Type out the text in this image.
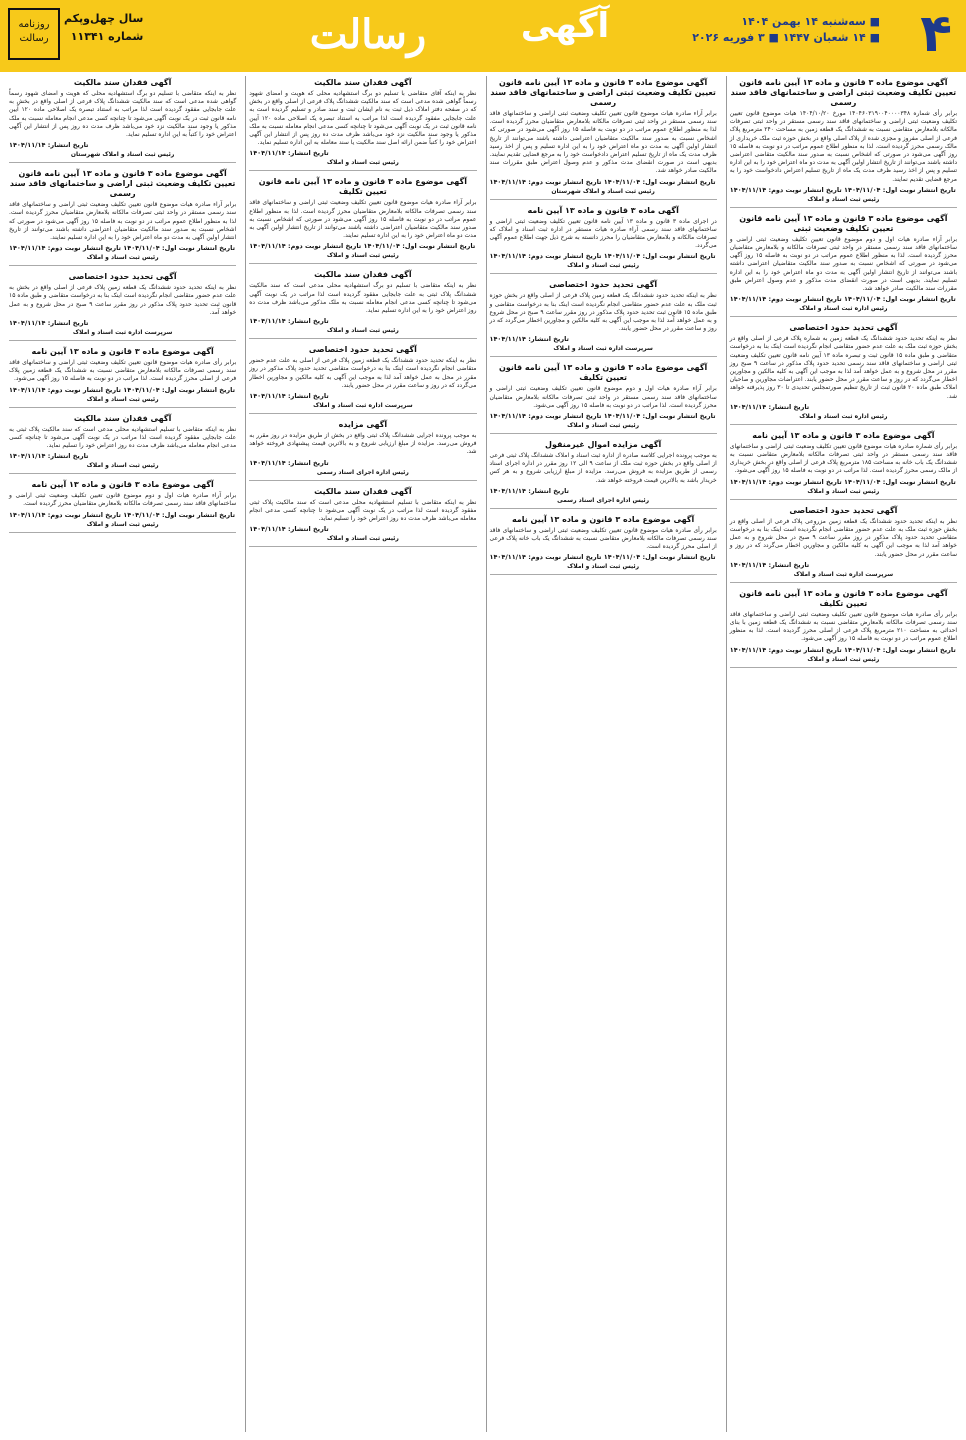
۴
■ سه‌شنبه ۱۴ بهمن ۱۴۰۴
■ ۱۴ شعبان ۱۴۴۷ ■ ۳ فوریه ۲۰۲۶
آگهی
رسالت
سال چهل‌وپکم
شماره ۱۱۳۴۱
روزنامه رسالت
آگهی موضوع ماده ۳ قانون و ماده ۱۳ آیین نامه قانون تعیین تکلیف وضعیت ثبتی اراضی و ساختمانهای فاقد سند رسمی

برابر رأی شماره ۱۴۰۴۶۰۳۱۹۰۰۴۰۰۰۰۳۴۸ مورخ ۱۴۰۴/۱۰/۲۰ هیات موضوع قانون تعیین تکلیف وضعیت ثبتی اراضی و ساختمانهای فاقد سند رسمی مستقر در واحد ثبتی تصرفات مالکانه بلامعارض متقاضی نسبت به ششدانگ یک قطعه زمین به مساحت ۲۴۰ مترمربع پلاک فرعی از اصلی مفروز و مجزی شده از پلاک اصلی واقع در بخش حوزه ثبت ملک خریداری از مالک رسمی محرز گردیده است. لذا به منظور اطلاع عموم مراتب در دو نوبت به فاصله ۱۵ روز آگهی می‌شود در صورتی که اشخاص نسبت به صدور سند مالکیت متقاضی اعتراضی داشته باشند می‌توانند از تاریخ انتشار اولین آگهی به مدت دو ماه اعتراض خود را به این اداره تسلیم و پس از اخذ رسید ظرف مدت یک ماه از تاریخ تسلیم اعتراض دادخواست خود را به مرجع قضایی تقدیم نمایند.

تاریخ انتشار نوبت اول: ۱۴۰۴/۱۱/۰۴ تاریخ انتشار نوبت دوم: ۱۴۰۴/۱۱/۱۴
رئیس ثبت اسناد و املاک
آگهی موضوع ماده ۳ قانون و ماده ۱۳ آیین نامه قانون تعیین تکلیف وضعیت ثبتی

برابر آراء صادره هیات اول و دوم موضوع قانون تعیین تکلیف وضعیت ثبتی اراضی و ساختمانهای فاقد سند رسمی مستقر در واحد ثبتی تصرفات مالکانه و بلامعارض متقاضیان محرز گردیده است. لذا به منظور اطلاع عموم مراتب در دو نوبت به فاصله ۱۵ روز آگهی می‌شود در صورتی که اشخاص نسبت به صدور سند مالکیت متقاضیان اعتراضی داشته باشند می‌توانند از تاریخ انتشار اولین آگهی به مدت دو ماه اعتراض خود را به این اداره تسلیم نمایند. بدیهی است در صورت انقضای مدت مذکور و عدم وصول اعتراض طبق مقررات سند مالکیت صادر خواهد شد.

تاریخ انتشار نوبت اول: ۱۴۰۴/۱۱/۰۴ تاریخ انتشار نوبت دوم: ۱۴۰۴/۱۱/۱۴
رئیس اداره ثبت اسناد و املاک
آگهی تحدید حدود اختصاصی

نظر به اینکه تحدید حدود ششدانگ یک قطعه زمین به شماره پلاک فرعی از اصلی واقع در بخش حوزه ثبت ملک به علت عدم حضور متقاضی انجام نگردیده است اینک بنا به درخواست متقاضی و طبق ماده ۱۵ قانون ثبت و تبصره ماده ۱۳ آیین نامه قانون تعیین تکلیف وضعیت ثبتی اراضی و ساختمانهای فاقد سند رسمی تحدید حدود پلاک مذکور در ساعت ۹ صبح روز مقرر در محل شروع و به عمل خواهد آمد لذا به موجب این آگهی به کلیه مالکین و مجاورین اخطار می‌گردد که در روز و ساعت مقرر در محل حضور یابند. اعتراضات مجاورین و صاحبان املاک طبق ماده ۲۰ قانون ثبت از تاریخ تنظیم صورتمجلس تحدیدی تا ۳۰ روز پذیرفته خواهد شد.

تاریخ انتشار: ۱۴۰۴/۱۱/۱۴
رئیس اداره ثبت اسناد و املاک
آگهی موضوع ماده ۳ قانون و ماده ۱۳ آیین نامه

برابر رأی شماره صادره هیات موضوع قانون تعیین تکلیف وضعیت ثبتی اراضی و ساختمانهای فاقد سند رسمی مستقر در واحد ثبتی تصرفات مالکانه بلامعارض متقاضی نسبت به ششدانگ یک باب خانه به مساحت ۱۸۵ مترمربع پلاک فرعی از اصلی واقع در بخش خریداری از مالک رسمی محرز گردیده است. لذا مراتب در دو نوبت به فاصله ۱۵ روز آگهی می‌شود.

تاریخ انتشار نوبت اول: ۱۴۰۴/۱۱/۰۴ تاریخ انتشار نوبت دوم: ۱۴۰۴/۱۱/۱۴
رئیس ثبت اسناد و املاک
آگهی تحدید حدود اختصاصی

نظر به اینکه تحدید حدود ششدانگ یک قطعه زمین مزروعی پلاک فرعی از اصلی واقع در بخش حوزه ثبت ملک به علت عدم حضور متقاضی انجام نگردیده است اینک بنا به درخواست متقاضی تحدید حدود پلاک مذکور در روز مقرر ساعت ۹ صبح در محل شروع و به عمل خواهد آمد لذا به موجب این آگهی به کلیه مالکین و مجاورین اخطار می‌گردد که در روز و ساعت مقرر در محل حضور یابند.

تاریخ انتشار: ۱۴۰۴/۱۱/۱۴
سرپرست اداره ثبت اسناد و املاک
آگهی موضوع ماده ۳ قانون و ماده ۱۳ آیین نامه قانون تعیین تکلیف

برابر رأی صادره هیات موضوع قانون تعیین تکلیف وضعیت ثبتی اراضی و ساختمانهای فاقد سند رسمی تصرفات مالکانه بلامعارض متقاضی نسبت به ششدانگ یک قطعه زمین با بنای احداثی به مساحت ۲۱۰ مترمربع پلاک فرعی از اصلی محرز گردیده است. لذا به منظور اطلاع عموم مراتب در دو نوبت به فاصله ۱۵ روز آگهی می‌شود.

تاریخ انتشار نوبت اول: ۱۴۰۴/۱۱/۰۴ تاریخ انتشار نوبت دوم: ۱۴۰۴/۱۱/۱۴
رئیس ثبت اسناد و املاک
آگهی موضوع ماده ۳ قانون و ماده ۱۳ آیین نامه قانون تعیین تکلیف وضعیت ثبتی اراضی و ساختمانهای فاقد سند رسمی

برابر آراء صادره هیات موضوع قانون تعیین تکلیف وضعیت ثبتی اراضی و ساختمانهای فاقد سند رسمی مستقر در واحد ثبتی تصرفات مالکانه بلامعارض متقاضیان محرز گردیده است. لذا به منظور اطلاع عموم مراتب در دو نوبت به فاصله ۱۵ روز آگهی می‌شود در صورتی که اشخاص نسبت به صدور سند مالکیت متقاضیان اعتراضی داشته باشند می‌توانند از تاریخ انتشار اولین آگهی به مدت دو ماه اعتراض خود را به این اداره تسلیم و پس از اخذ رسید ظرف مدت یک ماه از تاریخ تسلیم اعتراض دادخواست خود را به مرجع قضایی تقدیم نمایند. بدیهی است در صورت انقضای مدت مذکور و عدم وصول اعتراض طبق مقررات سند مالکیت صادر خواهد شد.

تاریخ انتشار نوبت اول: ۱۴۰۴/۱۱/۰۴ تاریخ انتشار نوبت دوم: ۱۴۰۴/۱۱/۱۴
رئیس ثبت اسناد و املاک شهرستان
آگهی ماده ۳ قانون و ماده ۱۳ آیین نامه

در اجرای ماده ۳ قانون و ماده ۱۳ آیین نامه قانون تعیین تکلیف وضعیت ثبتی اراضی و ساختمانهای فاقد سند رسمی آراء صادره هیات مستقر در اداره ثبت اسناد و املاک که تصرفات مالکانه و بلامعارض متقاضیان را محرز دانسته به شرح ذیل جهت اطلاع عموم آگهی می‌گردد.

تاریخ انتشار نوبت اول: ۱۴۰۴/۱۱/۰۴ تاریخ انتشار نوبت دوم: ۱۴۰۴/۱۱/۱۴
رئیس ثبت اسناد و املاک
آگهی تحدید حدود اختصاصی

نظر به اینکه تحدید حدود ششدانگ یک قطعه زمین پلاک فرعی از اصلی واقع در بخش حوزه ثبت ملک به علت عدم حضور متقاضی انجام نگردیده است اینک بنا به درخواست متقاضی و طبق ماده ۱۵ قانون ثبت تحدید حدود پلاک مذکور در روز مقرر ساعت ۹ صبح در محل شروع و به عمل خواهد آمد لذا به موجب این آگهی به کلیه مالکین و مجاورین اخطار می‌گردد که در روز و ساعت مقرر در محل حضور یابند.

تاریخ انتشار: ۱۴۰۴/۱۱/۱۴
سرپرست اداره ثبت اسناد و املاک
آگهی موضوع ماده ۳ قانون و ماده ۱۳ آیین نامه قانون تعیین تکلیف

برابر آراء صادره هیات اول و دوم موضوع قانون تعیین تکلیف وضعیت ثبتی اراضی و ساختمانهای فاقد سند رسمی مستقر در واحد ثبتی تصرفات مالکانه بلامعارض متقاضیان محرز گردیده است. لذا مراتب در دو نوبت به فاصله ۱۵ روز آگهی می‌شود.

تاریخ انتشار نوبت اول: ۱۴۰۴/۱۱/۰۴ تاریخ انتشار نوبت دوم: ۱۴۰۴/۱۱/۱۴
رئیس ثبت اسناد و املاک
آگهی مزایده اموال غیرمنقول

به موجب پرونده اجرایی کلاسه صادره از اداره ثبت اسناد و املاک ششدانگ پلاک ثبتی فرعی از اصلی واقع در بخش حوزه ثبت ملک از ساعت ۹ الی ۱۲ روز مقرر در اداره اجرای اسناد رسمی از طریق مزایده به فروش می‌رسد. مزایده از مبلغ ارزیابی شروع و به هر کس خریدار باشد به بالاترین قیمت فروخته خواهد شد.

تاریخ انتشار: ۱۴۰۴/۱۱/۱۴
رئیس اداره اجرای اسناد رسمی
آگهی موضوع ماده ۳ قانون و ماده ۱۳ آیین نامه

برابر رأی صادره هیات موضوع قانون تعیین تکلیف وضعیت ثبتی اراضی و ساختمانهای فاقد سند رسمی تصرفات مالکانه بلامعارض متقاضی نسبت به ششدانگ یک باب خانه پلاک فرعی از اصلی محرز گردیده است.

تاریخ انتشار نوبت اول: ۱۴۰۴/۱۱/۰۴ تاریخ انتشار نوبت دوم: ۱۴۰۴/۱۱/۱۴
رئیس ثبت اسناد و املاک
آگهی فقدان سند مالکیت

نظر به اینکه آقای متقاضی با تسلیم دو برگ استشهادیه محلی که هویت و امضای شهود رسماً گواهی شده مدعی است که سند مالکیت ششدانگ پلاک فرعی از اصلی واقع در بخش که در صفحه دفتر املاک ذیل ثبت به نام ایشان ثبت و سند صادر و تسلیم گردیده است به علت جابجایی مفقود گردیده است لذا مراتب به استناد تبصره یک اصلاحی ماده ۱۲۰ آیین نامه قانون ثبت در یک نوبت آگهی می‌شود تا چنانچه کسی مدعی انجام معامله نسبت به ملک مذکور یا وجود سند مالکیت نزد خود می‌باشد ظرف مدت ده روز پس از انتشار این آگهی اعتراض خود را کتباً ضمن ارائه اصل سند مالکیت یا سند معامله به این اداره تسلیم نماید.

تاریخ انتشار: ۱۴۰۴/۱۱/۱۴
رئیس ثبت اسناد و املاک
آگهی موضوع ماده ۳ قانون و ماده ۱۳ آیین نامه قانون تعیین تکلیف

برابر آراء صادره هیات موضوع قانون تعیین تکلیف وضعیت ثبتی اراضی و ساختمانهای فاقد سند رسمی تصرفات مالکانه بلامعارض متقاضیان محرز گردیده است. لذا به منظور اطلاع عموم مراتب در دو نوبت به فاصله ۱۵ روز آگهی می‌شود در صورتی که اشخاص نسبت به صدور سند مالکیت متقاضیان اعتراضی داشته باشند می‌توانند از تاریخ انتشار اولین آگهی به مدت دو ماه اعتراض خود را به این اداره تسلیم نمایند.

تاریخ انتشار نوبت اول: ۱۴۰۴/۱۱/۰۴ تاریخ انتشار نوبت دوم: ۱۴۰۴/۱۱/۱۴
رئیس ثبت اسناد و املاک
آگهی فقدان سند مالکیت

نظر به اینکه متقاضی با تسلیم دو برگ استشهادیه محلی مدعی است که سند مالکیت ششدانگ پلاک ثبتی به علت جابجایی مفقود گردیده است لذا مراتب در یک نوبت آگهی می‌شود تا چنانچه کسی مدعی انجام معامله نسبت به ملک مذکور می‌باشد ظرف مدت ده روز اعتراض خود را به این اداره تسلیم نماید.

تاریخ انتشار: ۱۴۰۴/۱۱/۱۴
رئیس ثبت اسناد و املاک
آگهی تحدید حدود اختصاصی

نظر به اینکه تحدید حدود ششدانگ یک قطعه زمین پلاک فرعی از اصلی به علت عدم حضور متقاضی انجام نگردیده است اینک بنا به درخواست متقاضی تحدید حدود پلاک مذکور در روز مقرر در محل به عمل خواهد آمد لذا به موجب این آگهی به کلیه مالکین و مجاورین اخطار می‌گردد که در روز و ساعت مقرر در محل حضور یابند.

تاریخ انتشار: ۱۴۰۴/۱۱/۱۴
سرپرست اداره ثبت اسناد و املاک
آگهی مزایده

به موجب پرونده اجرایی ششدانگ پلاک ثبتی واقع در بخش از طریق مزایده در روز مقرر به فروش می‌رسد. مزایده از مبلغ ارزیابی شروع و به بالاترین قیمت پیشنهادی فروخته خواهد شد.

تاریخ انتشار: ۱۴۰۴/۱۱/۱۴
رئیس اداره اجرای اسناد رسمی
آگهی فقدان سند مالکیت

نظر به اینکه متقاضی با تسلیم استشهادیه محلی مدعی است که سند مالکیت پلاک ثبتی مفقود گردیده است لذا مراتب در یک نوبت آگهی می‌شود تا چنانچه کسی مدعی انجام معامله می‌باشد ظرف مدت ده روز اعتراض خود را تسلیم نماید.

تاریخ انتشار: ۱۴۰۴/۱۱/۱۴
رئیس ثبت اسناد و املاک
آگهی فقدان سند مالکیت

نظر به اینکه متقاضی با تسلیم دو برگ استشهادیه محلی که هویت و امضای شهود رسماً گواهی شده مدعی است که سند مالکیت ششدانگ پلاک فرعی از اصلی واقع در بخش به علت جابجایی مفقود گردیده است لذا مراتب به استناد تبصره یک اصلاحی ماده ۱۲۰ آیین نامه قانون ثبت در یک نوبت آگهی می‌شود تا چنانچه کسی مدعی انجام معامله نسبت به ملک مذکور یا وجود سند مالکیت نزد خود می‌باشد ظرف مدت ده روز پس از انتشار این آگهی اعتراض خود را کتباً به این اداره تسلیم نماید.

تاریخ انتشار: ۱۴۰۴/۱۱/۱۴
رئیس ثبت اسناد و املاک شهرستان
آگهی موضوع ماده ۳ قانون و ماده ۱۳ آیین نامه قانون تعیین تکلیف وضعیت ثبتی اراضی و ساختمانهای فاقد سند رسمی

برابر آراء صادره هیات موضوع قانون تعیین تکلیف وضعیت ثبتی اراضی و ساختمانهای فاقد سند رسمی مستقر در واحد ثبتی تصرفات مالکانه بلامعارض متقاضیان محرز گردیده است. لذا به منظور اطلاع عموم مراتب در دو نوبت به فاصله ۱۵ روز آگهی می‌شود در صورتی که اشخاص نسبت به صدور سند مالکیت متقاضیان اعتراضی داشته باشند می‌توانند از تاریخ انتشار اولین آگهی به مدت دو ماه اعتراض خود را به این اداره تسلیم نمایند.

تاریخ انتشار نوبت اول: ۱۴۰۴/۱۱/۰۴ تاریخ انتشار نوبت دوم: ۱۴۰۴/۱۱/۱۴
رئیس ثبت اسناد و املاک
آگهی تحدید حدود اختصاصی

نظر به اینکه تحدید حدود ششدانگ یک قطعه زمین پلاک فرعی از اصلی واقع در بخش به علت عدم حضور متقاضی انجام نگردیده است اینک بنا به درخواست متقاضی و طبق ماده ۱۵ قانون ثبت تحدید حدود پلاک مذکور در روز مقرر ساعت ۹ صبح در محل شروع و به عمل خواهد آمد.

تاریخ انتشار: ۱۴۰۴/۱۱/۱۴
سرپرست اداره ثبت اسناد و املاک
آگهی موضوع ماده ۳ قانون و ماده ۱۳ آیین نامه

برابر رأی صادره هیات موضوع قانون تعیین تکلیف وضعیت ثبتی اراضی و ساختمانهای فاقد سند رسمی تصرفات مالکانه بلامعارض متقاضی نسبت به ششدانگ یک قطعه زمین پلاک فرعی از اصلی محرز گردیده است. لذا مراتب در دو نوبت به فاصله ۱۵ روز آگهی می‌شود.

تاریخ انتشار نوبت اول: ۱۴۰۴/۱۱/۰۴ تاریخ انتشار نوبت دوم: ۱۴۰۴/۱۱/۱۴
رئیس ثبت اسناد و املاک
آگهی فقدان سند مالکیت

نظر به اینکه متقاضی با تسلیم استشهادیه محلی مدعی است که سند مالکیت پلاک ثبتی به علت جابجایی مفقود گردیده است لذا مراتب در یک نوبت آگهی می‌شود تا چنانچه کسی مدعی انجام معامله می‌باشد ظرف مدت ده روز اعتراض خود را تسلیم نماید.

تاریخ انتشار: ۱۴۰۴/۱۱/۱۴
رئیس ثبت اسناد و املاک
آگهی موضوع ماده ۳ قانون و ماده ۱۳ آیین نامه

برابر آراء صادره هیات اول و دوم موضوع قانون تعیین تکلیف وضعیت ثبتی اراضی و ساختمانهای فاقد سند رسمی تصرفات مالکانه بلامعارض متقاضیان محرز گردیده است.

تاریخ انتشار نوبت اول: ۱۴۰۴/۱۱/۰۴ تاریخ انتشار نوبت دوم: ۱۴۰۴/۱۱/۱۴
رئیس ثبت اسناد و املاک
